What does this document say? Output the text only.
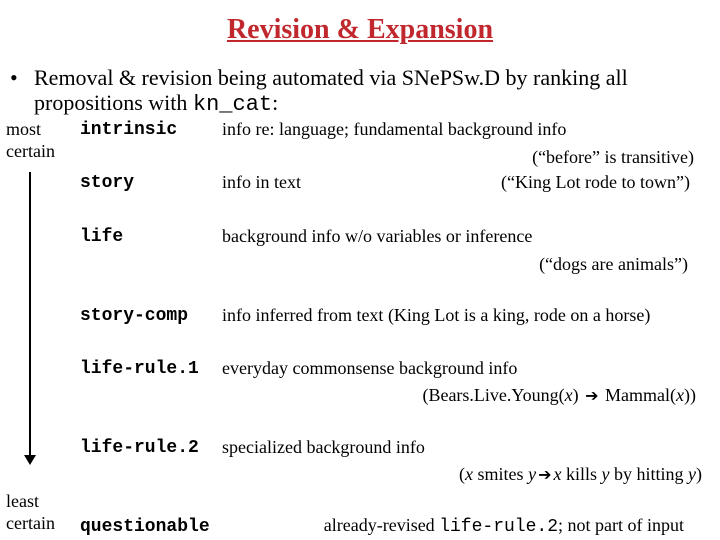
Revision & Expansion
• Removal & revision being automated via SNePSw.D by ranking all
propositions with kn_cat:
most
certain
least
certain
intrinsic info re: language; fundamental background info
(“before” is transitive)
story	info in text	(“King Lot rode to town”)
life	background info w/o variables or inference
(“dogs are animals”)
story-comp info inferred from text (King Lot is a king, rode on a horse)
life-rule.1 everyday commonsense background info
(Bears.Live.Young(x) ➔ Mammal(x))
life-rule.2 specialized background info
(x smites y ➔ x kills y by hitting y)
questionable	already-revised life-rule.2; not part of input
